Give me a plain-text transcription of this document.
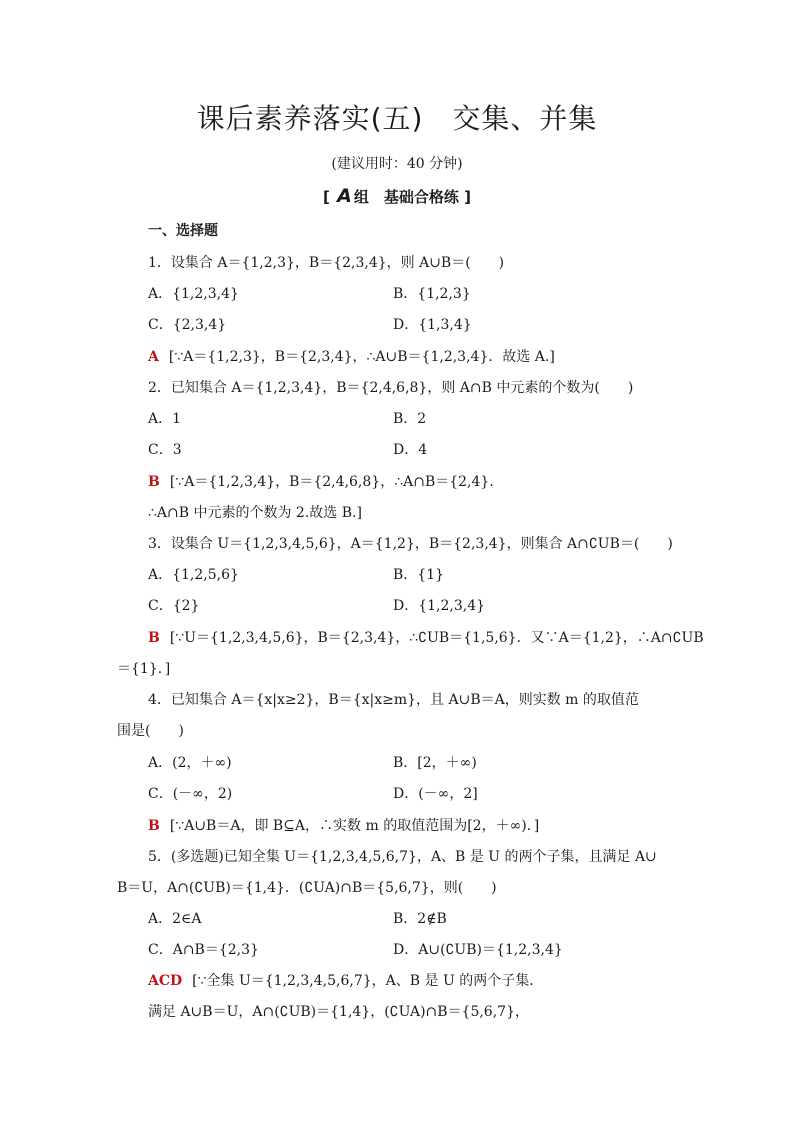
课后素养落实(五)　交集、并集
(建议用时：40 分钟)
[ A 组　基础合格练 ]
一、选择题
1．设集合 A＝{1,2,3}，B＝{2,3,4}，则 A∪B＝(　　)
A．{1,2,3,4}	B．{1,2,3}
C．{2,3,4}	D．{1,3,4}
A [∵A＝{1,2,3}，B＝{2,3,4}，∴A∪B＝{1,2,3,4}．故选 A.]
2．已知集合 A＝{1,2,3,4}，B＝{2,4,6,8}，则 A∩B 中元素的个数为(　　)
A．1	B．2
C．3	D．4
B [∵A＝{1,2,3,4}，B＝{2,4,6,8}，∴A∩B＝{2,4}．
∴A∩B 中元素的个数为 2.故选 B.]
3．设集合 U＝{1,2,3,4,5,6}，A＝{1,2}，B＝{2,3,4}，则集合 A∩∁UB＝(　　)
A．{1,2,5,6}	B．{1}
C．{2}	D．{1,2,3,4}
B [∵U＝{1,2,3,4,5,6}，B＝{2,3,4}，∴∁UB＝{1,5,6}．又∵A＝{1,2}，∴A∩∁UB
＝{1}．]
4．已知集合 A＝{x|x≥2}，B＝{x|x≥m}，且 A∪B＝A，则实数 m 的取值范
围是(　　)
A．(2，＋∞)	B．[2，＋∞)
C．(－∞，2)	D．(－∞，2]
B [∵A∪B＝A，即 B⊆A，∴实数 m 的取值范围为[2，＋∞)．]
5．(多选题)已知全集 U＝{1,2,3,4,5,6,7}，A、B 是 U 的两个子集，且满足 A∪
B＝U，A∩(∁UB)＝{1,4}．(∁UA)∩B＝{5,6,7}，则(　　)
A．2∈A	B．2∉B
C．A∩B＝{2,3}	D．A∪(∁UB)＝{1,2,3,4}
ACD [∵全集 U＝{1,2,3,4,5,6,7}，A、B 是 U 的两个子集．
满足 A∪B＝U，A∩(∁UB)＝{1,4}，(∁UA)∩B＝{5,6,7}，
